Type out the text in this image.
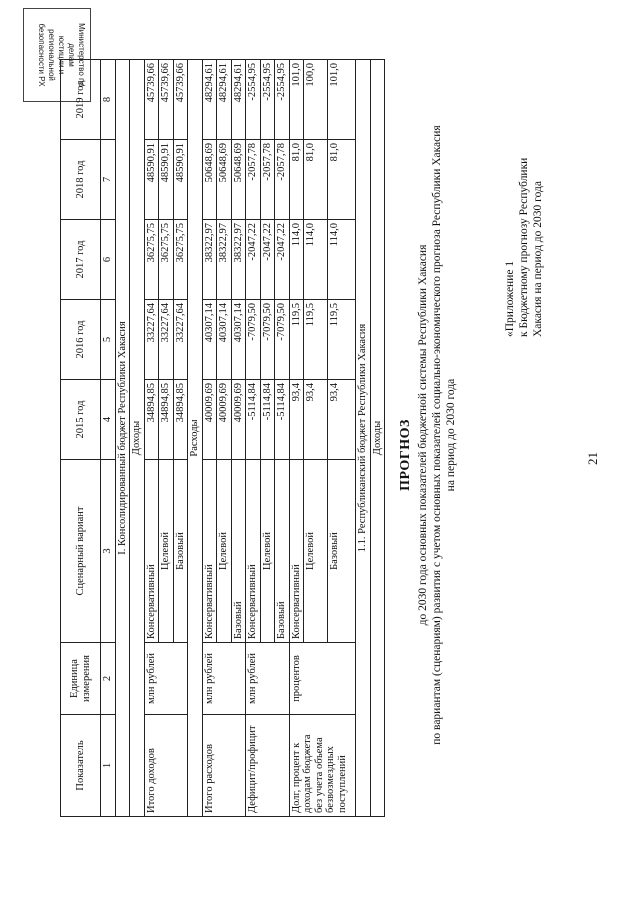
Министерство по делам
юстиции и региональной
безопасности РХ
21
«Приложение 1 к Бюджетному прогнозу Республики Хакасия на период до 2030 года
ПРОГНОЗ до 2030 года основных показателей бюджетной системы Республики Хакасия по вариантам (сценариям) развития с учетом основных показателей социально-экономического прогноза Республики Хакасия на период до 2030 года
Показатель	Единица измерения	Сценарный вариант	2015 год	2016 год	2017 год	2018 год	2019 год
1	2	3	4	5	6	7	8
I. Консолидированный бюджет Республики Хакасия							
Доходы							
Итого доходов	млн рублей	Консервативный	34894,85	33227,64	36275,75	48590,91	45739,66
		Целевой	34894,85	33227,64	36275,75	48590,91	45739,66
		Базовый	34894,85	33227,64	36275,75	48590,91	45739,66
Расходы							
Итого расходов	млн рублей	Консервативный	40009,69	40307,14	38322,97	50648,69	48294,61
		Целевой	40009,69	40307,14	38322,97	50648,69	48294,61
		Базовый	40009,69	40307,14	38322,97	50648,69	48294,61
Дефицит/профицит	млн рублей	Консервативный	-5114,84	-7079,50	-2047,22	-2057,78	-2554,95
		Целевой	-5114,84	-7079,50	-2047,22	-2057,78	-2554,95
		Базовый	-5114,84	-7079,50	-2047,22	-2057,78	-2554,95
Долг, процент к доходам бюджета без учета объема безвозмездных поступлений	процентов	Консервативный	93,4	119,5	114,0	81,0	101,0
		Целевой	93,4	119,5	114,0	81,0	100,0
		Базовый	93,4	119,5	114,0	81,0	101,0
1.1. Республиканский бюджет Республики Хакасия							
Доходы							
